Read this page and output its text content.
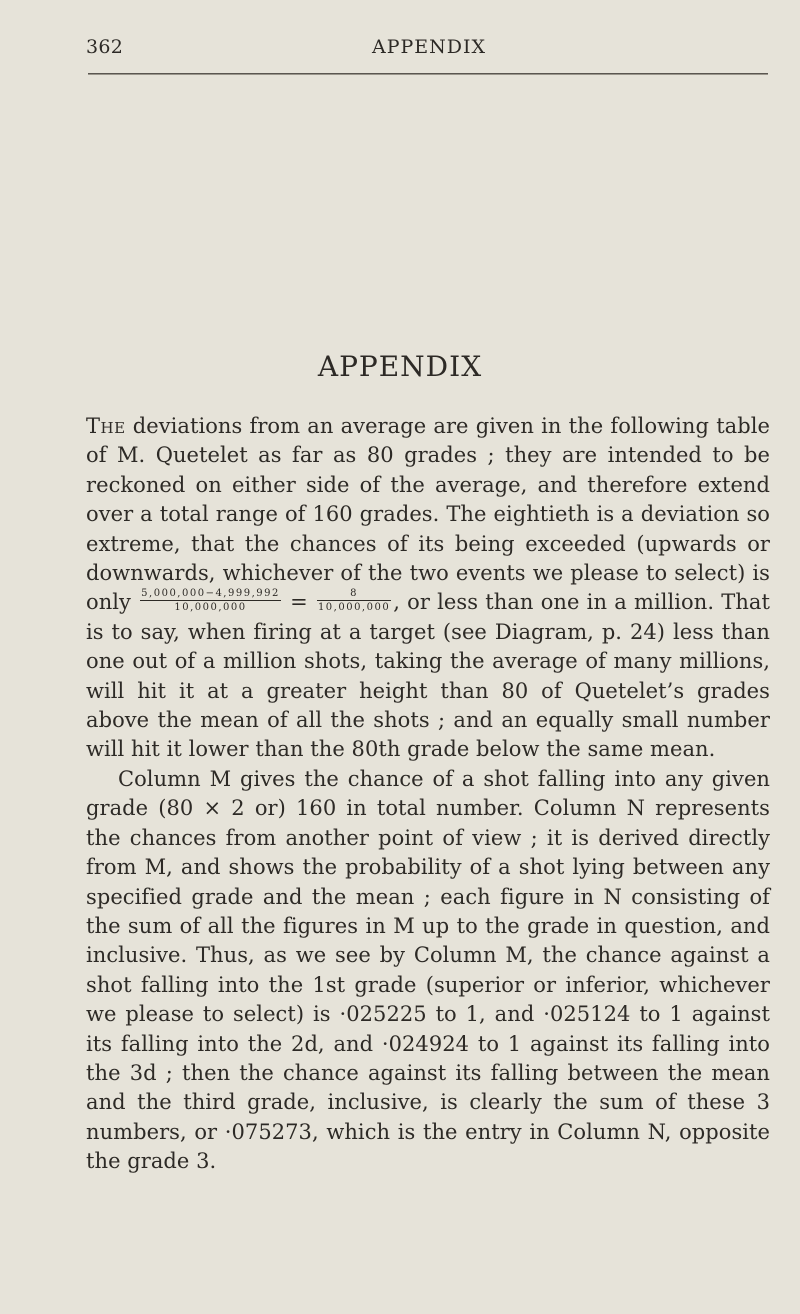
362	APPENDIX
APPENDIX

The deviations from an average are given in the following table of M. Quetelet as far as 80 grades ; they are intended to be reckoned on either side of the average, and therefore extend over a total range of 160 grades. The eightieth is a deviation so extreme, that the chances of its being exceeded (upwards or downwards, whichever of the two events we please to select) is only $\frac{5,000,000-4,999,992}{10,000,000} = \frac{8}{10,000,000}$ , or less than one in a million. That is to say, when firing at a target (see Diagram, p. 24) less than one out of a million shots, taking the average of many millions, will hit it at a greater height than 80 of Quetelet’s grades above the mean of all the shots ; and an equally small number will hit it lower than the 80th grade below the same mean.

Column M gives the chance of a shot falling into any given grade (80 × 2 or) 160 in total number. Column N represents the chances from another point of view ; it is derived directly from M, and shows the probability of a shot lying between any specified grade and the mean ; each figure in N consisting of the sum of all the figures in M up to the grade in question, and inclusive. Thus, as we see by Column M, the chance against a shot falling into the 1st grade (superior or inferior, whichever we please to select) is ·025225 to 1, and ·025124 to 1 against its falling into the 2d, and ·024924 to 1 against its falling into the 3d ; then the chance against its falling between the mean and the third grade, inclusive, is clearly the sum of these 3 numbers, or ·075273, which is the entry in Column N, opposite the grade 3.
